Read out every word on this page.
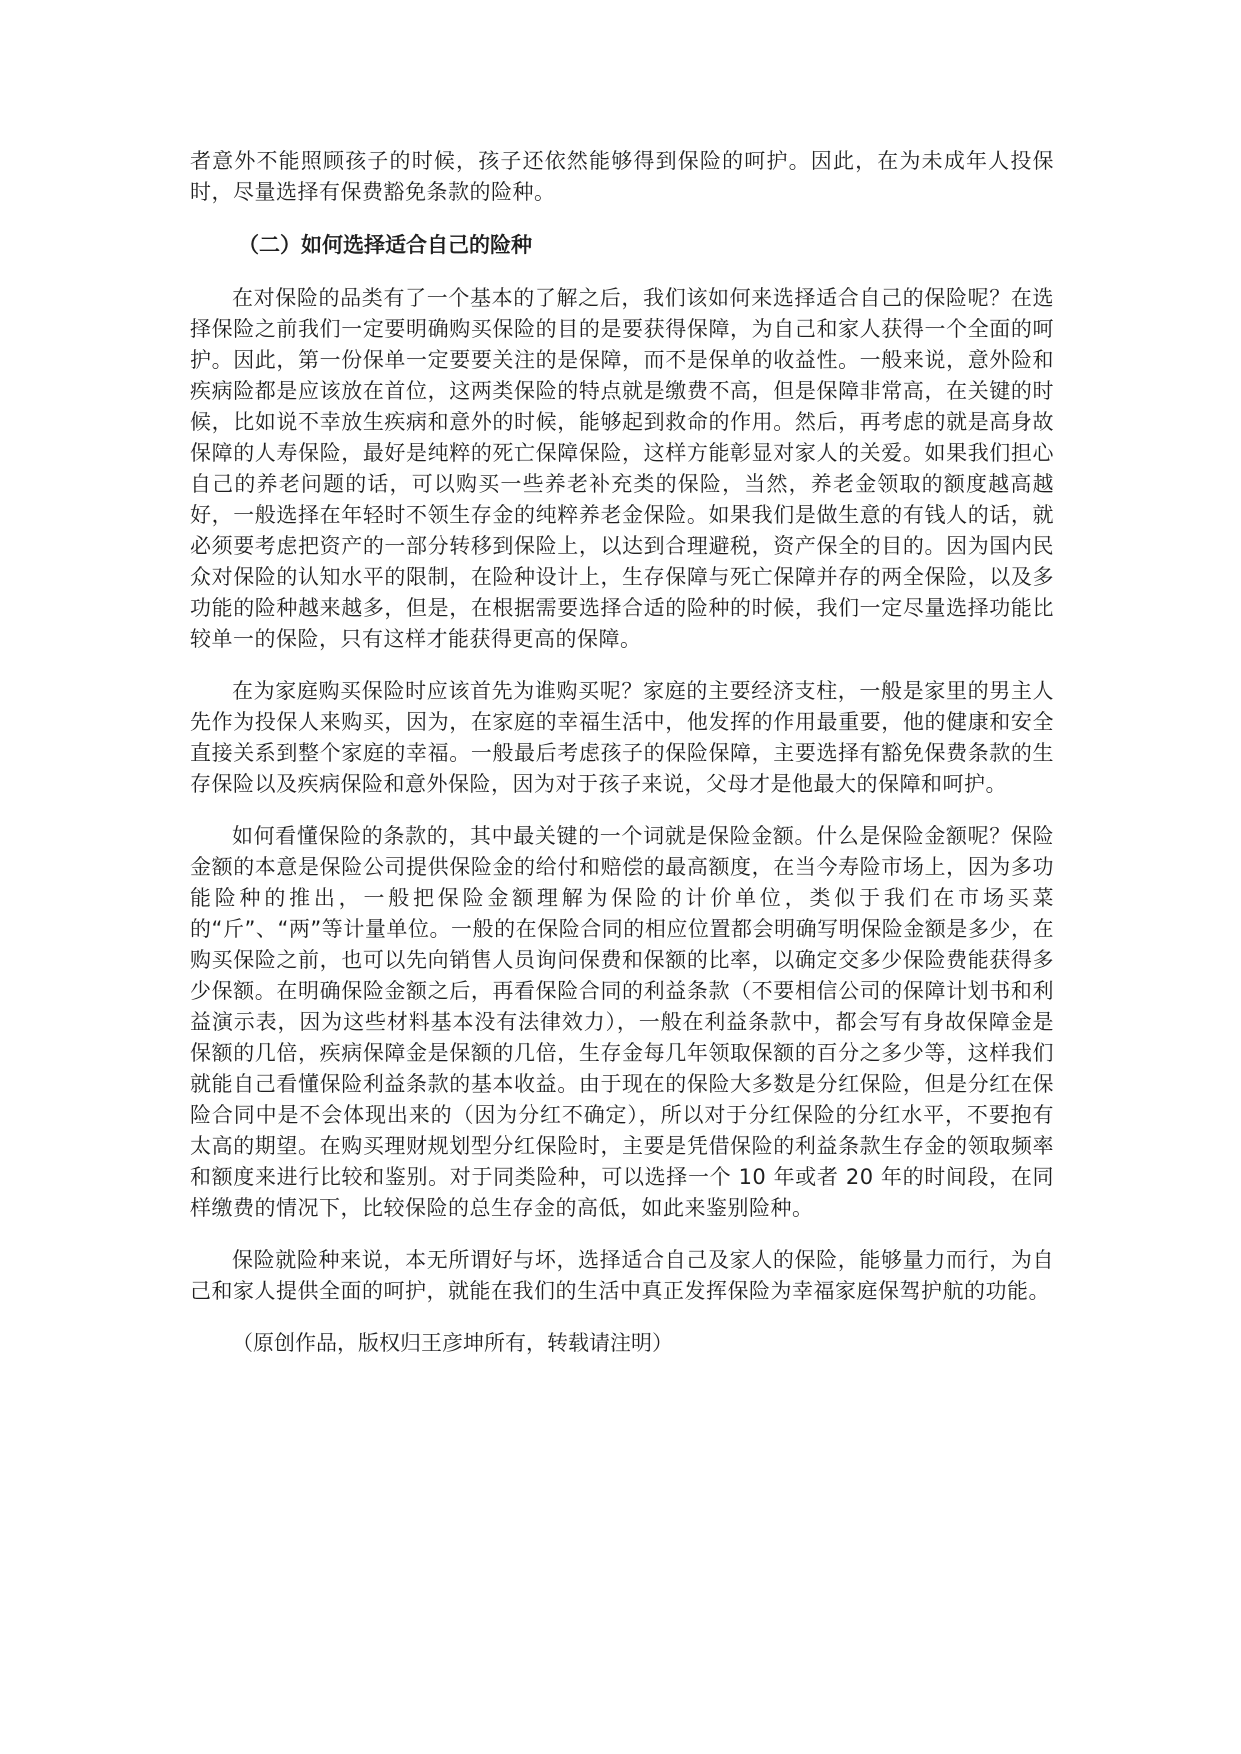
者意外不能照顾孩子的时候，孩子还依然能够得到保险的呵护。因此，在为未成年人投保时，尽量选择有保费豁免条款的险种。

（二）如何选择适合自己的险种

在对保险的品类有了一个基本的了解之后，我们该如何来选择适合自己的保险呢？在选择保险之前我们一定要明确购买保险的目的是要获得保障，为自己和家人获得一个全面的呵护。因此，第一份保单一定要要关注的是保障，而不是保单的收益性。一般来说，意外险和疾病险都是应该放在首位，这两类保险的特点就是缴费不高，但是保障非常高，在关键的时候，比如说不幸放生疾病和意外的时候，能够起到救命的作用。然后，再考虑的就是高身故保障的人寿保险，最好是纯粹的死亡保障保险，这样方能彰显对家人的关爱。如果我们担心自己的养老问题的话，可以购买一些养老补充类的保险，当然，养老金领取的额度越高越好，一般选择在年轻时不领生存金的纯粹养老金保险。如果我们是做生意的有钱人的话，就必须要考虑把资产的一部分转移到保险上，以达到合理避税，资产保全的目的。因为国内民众对保险的认知水平的限制，在险种设计上，生存保障与死亡保障并存的两全保险，以及多功能的险种越来越多，但是，在根据需要选择合适的险种的时候，我们一定尽量选择功能比较单一的保险，只有这样才能获得更高的保障。

在为家庭购买保险时应该首先为谁购买呢？家庭的主要经济支柱，一般是家里的男主人先作为投保人来购买，因为，在家庭的幸福生活中，他发挥的作用最重要，他的健康和安全直接关系到整个家庭的幸福。一般最后考虑孩子的保险保障，主要选择有豁免保费条款的生存保险以及疾病保险和意外保险，因为对于孩子来说，父母才是他最大的保障和呵护。

如何看懂保险的条款的，其中最关键的一个词就是保险金额。什么是保险金额呢？保险金额的本意是保险公司提供保险金的给付和赔偿的最高额度，在当今寿险市场上，因为多功能险种的推出，一般把保险金额理解为保险的计价单位，类似于我们在市场买菜的“斤”、“两”等计量单位。一般的在保险合同的相应位置都会明确写明保险金额是多少，在购买保险之前，也可以先向销售人员询问保费和保额的比率，以确定交多少保险费能获得多少保额。在明确保险金额之后，再看保险合同的利益条款（不要相信公司的保障计划书和利益演示表，因为这些材料基本没有法律效力），一般在利益条款中，都会写有身故保障金是保额的几倍，疾病保障金是保额的几倍，生存金每几年领取保额的百分之多少等，这样我们就能自己看懂保险利益条款的基本收益。由于现在的保险大多数是分红保险，但是分红在保险合同中是不会体现出来的（因为分红不确定），所以对于分红保险的分红水平，不要抱有太高的期望。在购买理财规划型分红保险时，主要是凭借保险的利益条款生存金的领取频率和额度来进行比较和鉴别。对于同类险种，可以选择一个 10 年或者 20 年的时间段，在同样缴费的情况下，比较保险的总生存金的高低，如此来鉴别险种。

保险就险种来说，本无所谓好与坏，选择适合自己及家人的保险，能够量力而行，为自己和家人提供全面的呵护，就能在我们的生活中真正发挥保险为幸福家庭保驾护航的功能。

（原创作品，版权归王彦坤所有，转载请注明）
